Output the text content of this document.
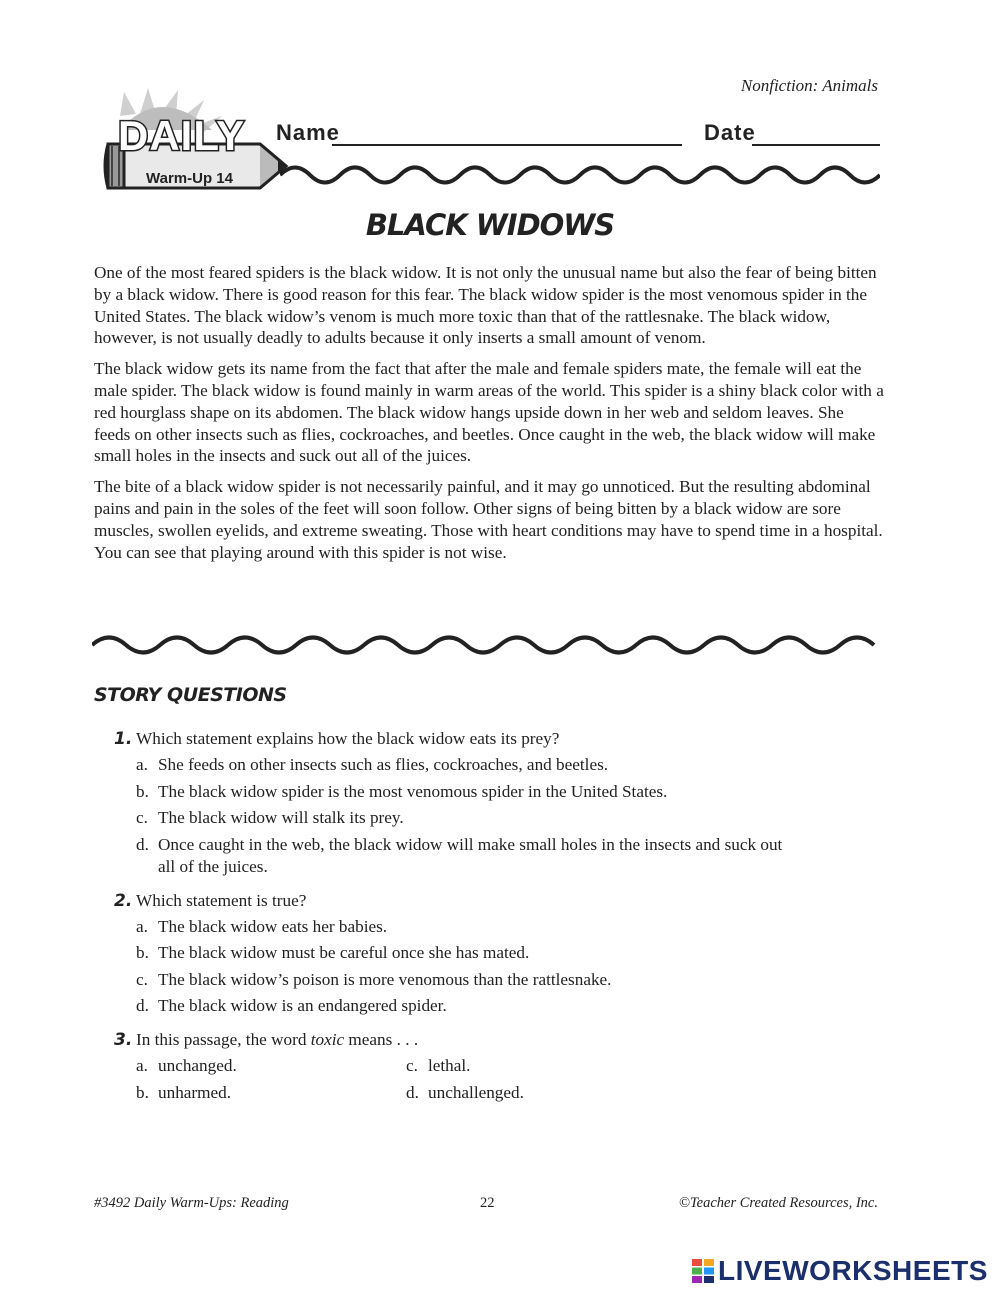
Nonfiction: Animals
DAILY
Warm-Up 14
Name	Date
BLACK WIDOWS

One of the most feared spiders is the black widow. It is not only the unusual name but also the fear of being bitten by a black widow. There is good reason for this fear. The black widow spider is the most venomous spider in the United States. The black widow’s venom is much more toxic than that of the rattlesnake. The black widow, however, is not usually deadly to adults because it only inserts a small amount of venom.

The black widow gets its name from the fact that after the male and female spiders mate, the female will eat the male spider. The black widow is found mainly in warm areas of the world. This spider is a shiny black color with a red hourglass shape on its abdomen. The black widow hangs upside down in her web and seldom leaves. She feeds on other insects such as flies, cockroaches, and beetles. Once caught in the web, the black widow will make small holes in the insects and suck out all of the juices.

The bite of a black widow spider is not necessarily painful, and it may go unnoticed. But the resulting abdominal pains and pain in the soles of the feet will soon follow. Other signs of being bitten by a black widow are sore muscles, swollen eyelids, and extreme sweating. Those with heart conditions may have to spend time in a hospital. You can see that playing around with this spider is not wise.

STORY QUESTIONS
1. Which statement explains how the black widow eats its prey?
a. She feeds on other insects such as flies, cockroaches, and beetles.
b. The black widow spider is the most venomous spider in the United States.
c. The black widow will stalk its prey.
d. Once caught in the web, the black widow will make small holes in the insects and suck out all of the juices.
2. Which statement is true?
a. The black widow eats her babies.
b. The black widow must be careful once she has mated.
c. The black widow’s poison is more venomous than the rattlesnake.
d. The black widow is an endangered spider.
3. In this passage, the word toxic means . . .
a. unchanged.	c. lethal.
b. unharmed.	d. unchallenged.
#3492 Daily Warm-Ups: Reading	22	©Teacher Created Resources, Inc.
LIVEWORKSHEETS
